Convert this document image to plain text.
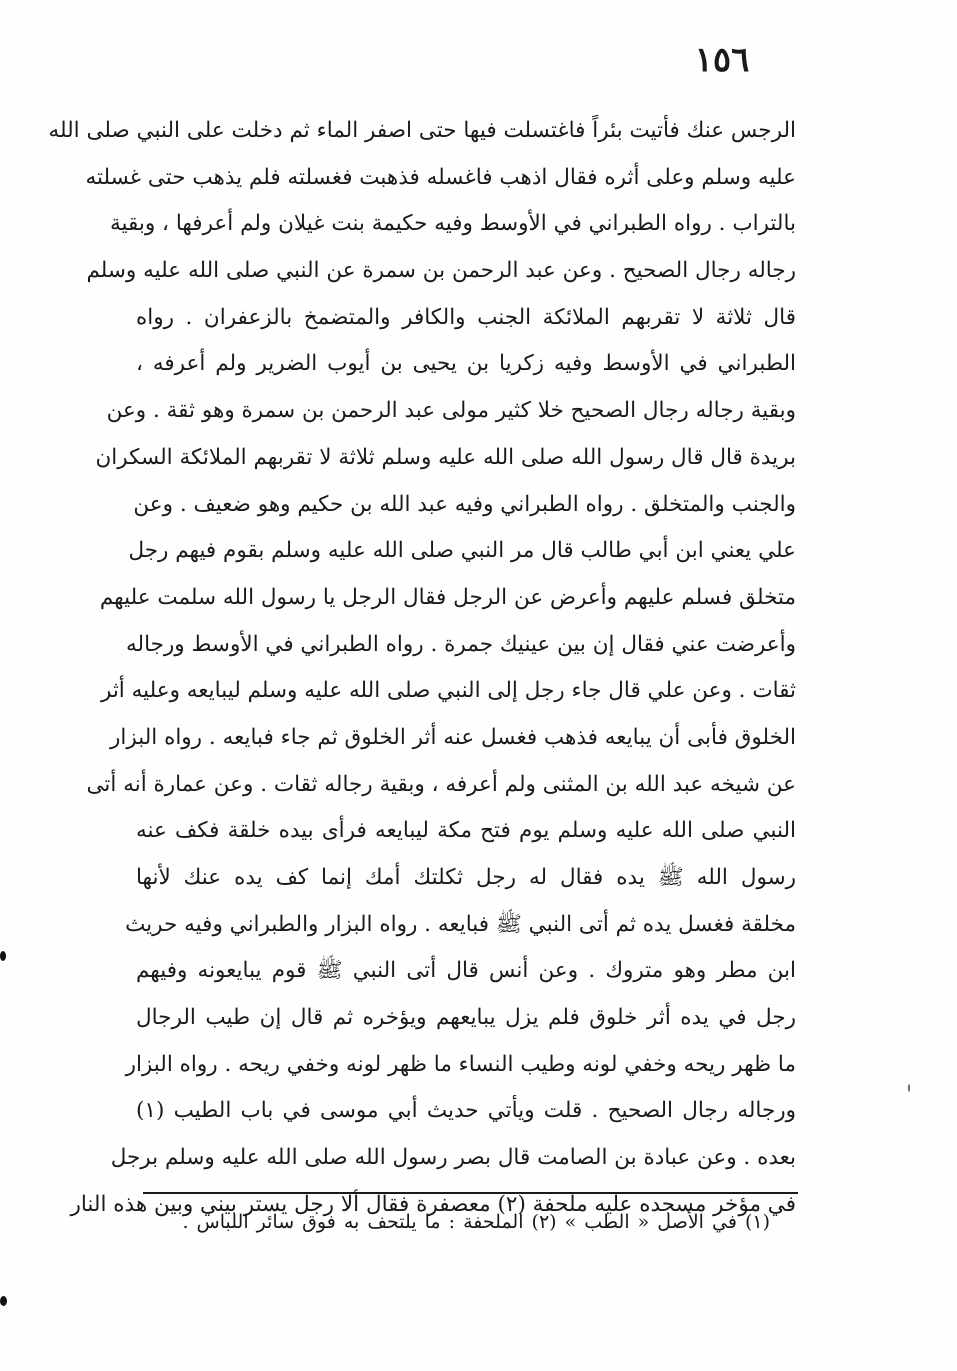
١٥٦
الرجس عنك فأتيت بئراً فاغتسلت فيها حتى اصفر الماء ثم دخلت على النبي صلى الله
عليه وسلم وعلى أثره فقال اذهب فاغسله فذهبت فغسلته فلم يذهب حتى غسلته
بالتراب . رواه الطبراني في الأوسط وفيه حكيمة بنت غيلان ولم أعرفها ، وبقية
رجاله رجال الصحيح . وعن عبد الرحمن بن سمرة عن النبي صلى الله عليه وسلم
قال ثلاثة لا تقربهم الملائكة الجنب والكافر والمتضمخ بالزعفران . رواه
الطبراني في الأوسط وفيه زكريا بن يحيى بن أيوب الضرير ولم أعرفه ،
وبقية رجاله رجال الصحيح خلا كثير مولى عبد الرحمن بن سمرة وهو ثقة . وعن
بريدة قال قال رسول الله صلى الله عليه وسلم ثلاثة لا تقربهم الملائكة السكران
والجنب والمتخلق . رواه الطبراني وفيه عبد الله بن حكيم وهو ضعيف . وعن
علي يعني ابن أبي طالب قال مر النبي صلى الله عليه وسلم بقوم فيهم رجل
متخلق فسلم عليهم وأعرض عن الرجل فقال الرجل يا رسول الله سلمت عليهم
وأعرضت عني فقال إن بين عينيك جمرة . رواه الطبراني في الأوسط ورجاله
ثقات . وعن علي قال جاء رجل إلى النبي صلى الله عليه وسلم ليبايعه وعليه أثر
الخلوق فأبى أن يبايعه فذهب فغسل عنه أثر الخلوق ثم جاء فبايعه . رواه البزار
عن شيخه عبد الله بن المثنى ولم أعرفه ، وبقية رجاله ثقات . وعن عمارة أنه أتى
النبي صلى الله عليه وسلم يوم فتح مكة ليبايعه فرأى بيده خلقة فكف عنه
رسول الله ﷺ يده فقال له رجل ثكلتك أمك إنما كف يده عنك لأنها
مخلقة فغسل يده ثم أتى النبي ﷺ فبايعه . رواه البزار والطبراني وفيه حريث
ابن مطر وهو متروك . وعن أنس قال أتى النبي ﷺ قوم يبايعونه وفيهم
رجل في يده أثر خلوق فلم يزل يبايعهم ويؤخره ثم قال إن طيب الرجال
ما ظهر ريحه وخفي لونه وطيب النساء ما ظهر لونه وخفي ريحه . رواه البزار
ورجاله رجال الصحيح . قلت ويأتي حديث أبي موسى في باب الطيب (١)
بعده . وعن عبادة بن الصامت قال بصر رسول الله صلى الله عليه وسلم برجل
في مؤخر مسجده عليه ملحفة (٢) معصفرة فقال ألا رجل يستر بيني وبين هذه النار
(١) في الأصل « الطب » (٢) الملحفة : ما يلتحف به فوق سائر اللباس .
